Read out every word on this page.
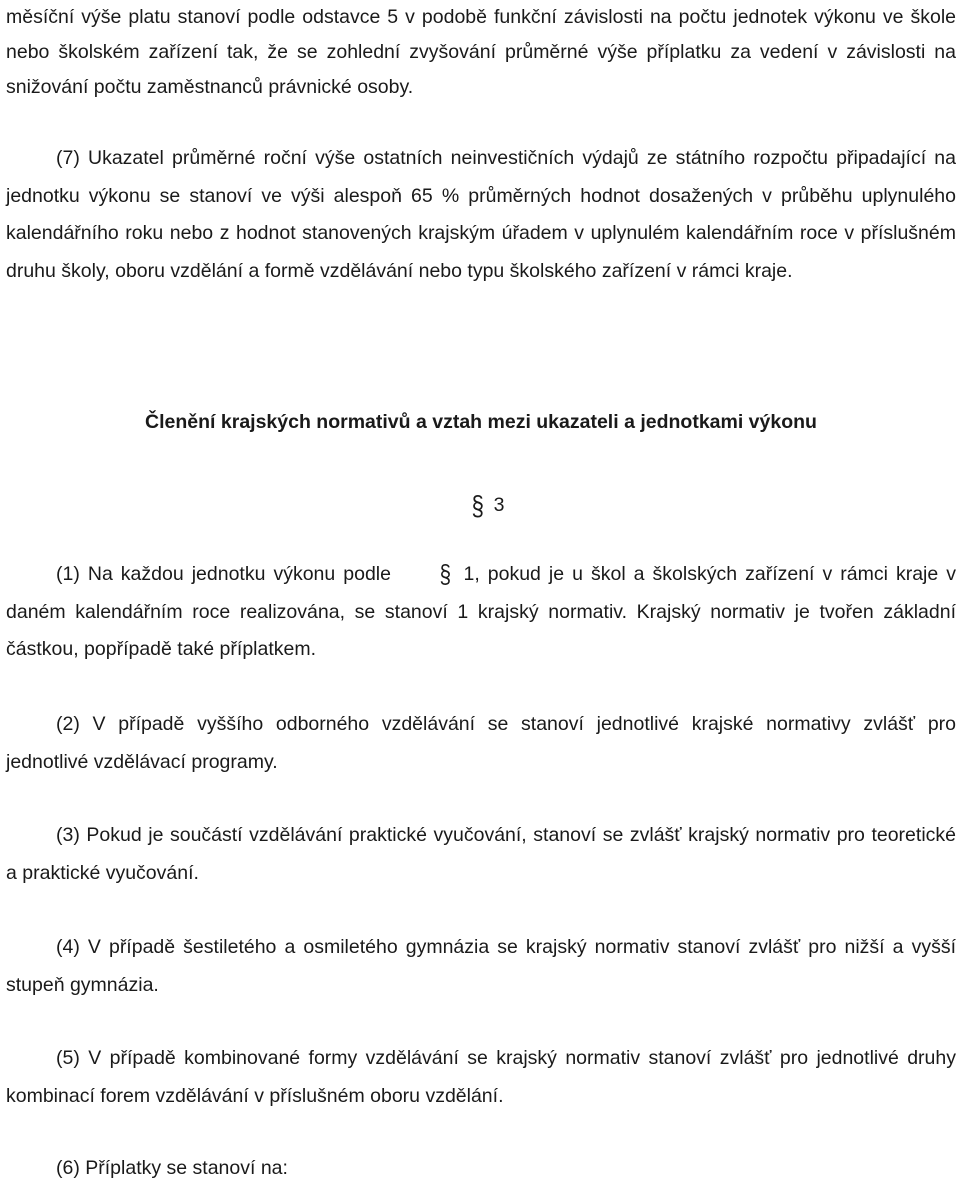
měsíční výše platu stanoví podle odstavce 5 v podobě funkční závislosti na počtu jednotek výkonu ve škole nebo školském zařízení tak, že se zohlední zvyšování průměrné výše příplatku za vedení v závislosti na snižování počtu zaměstnanců právnické osoby.

(7) Ukazatel průměrné roční výše ostatních neinvestičních výdajů ze státního rozpočtu připadající na jednotku výkonu se stanoví ve výši alespoň 65 % průměrných hodnot dosažených v průběhu uplynulého kalendářního roku nebo z hodnot stanovených krajským úřadem v uplynulém kalendářním roce v příslušném druhu školy, oboru vzdělání a formě vzdělávání nebo typu školského zařízení v rámci kraje.

Členění krajských normativů a vztah mezi ukazateli a jednotkami výkonu

§ 3

(1) Na každou jednotku výkonu podle § 1, pokud je u škol a školských zařízení v rámci kraje v daném kalendářním roce realizována, se stanoví 1 krajský normativ. Krajský normativ je tvořen základní částkou, popřípadě také příplatkem.

(2) V případě vyššího odborného vzdělávání se stanoví jednotlivé krajské normativy zvlášť pro jednotlivé vzdělávací programy.

(3) Pokud je součástí vzdělávání praktické vyučování, stanoví se zvlášť krajský normativ pro teoretické a praktické vyučování.

(4) V případě šestiletého a osmiletého gymnázia se krajský normativ stanoví zvlášť pro nižší a vyšší stupeň gymnázia.

(5) V případě kombinované formy vzdělávání se krajský normativ stanoví zvlášť pro jednotlivé druhy kombinací forem vzdělávání v příslušném oboru vzdělání.

(6) Příplatky se stanoví na:
